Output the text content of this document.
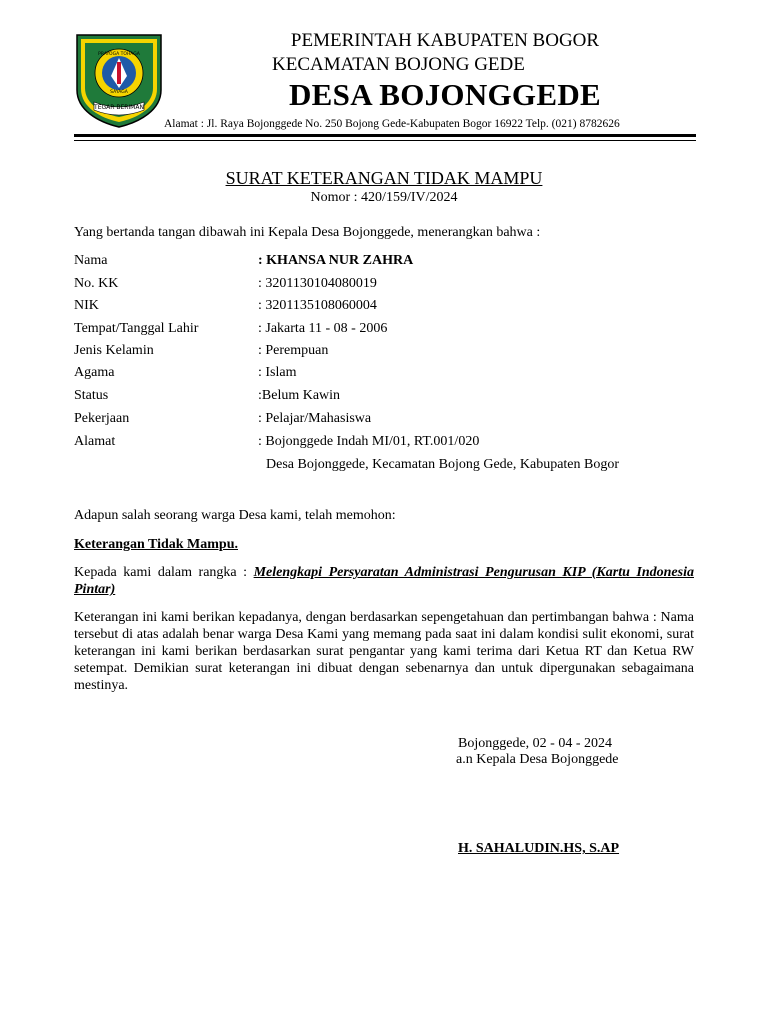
TEGAR BERIMAN
PRAYOGA TOHAGA
SAYAGA
PEMERINTAH KABUPATEN BOGOR
KECAMATAN BOJONG GEDE
DESA BOJONGGEDE
Alamat : Jl. Raya Bojonggede No. 250 Bojong Gede-Kabupaten Bogor 16922 Telp. (021) 8782626
SURAT KETERANGAN TIDAK MAMPU
Nomor : 420/159/IV/2024
Yang bertanda tangan dibawah ini Kepala Desa Bojonggede, menerangkan bahwa :
Nama	: KHANSA NUR ZAHRA
No. KK	: 3201130104080019
NIK	: 3201135108060004
Tempat/Tanggal Lahir	: Jakarta 11 - 08 - 2006
Jenis Kelamin	: Perempuan
Agama	: Islam
Status	:Belum Kawin
Pekerjaan	: Pelajar/Mahasiswa
Alamat	: Bojonggede Indah MI/01, RT.001/020
Desa Bojonggede, Kecamatan Bojong Gede, Kabupaten Bogor
Adapun salah seorang warga Desa kami, telah memohon:
Keterangan Tidak Mampu.
Kepada kami dalam rangka : Melengkapi Persyaratan Administrasi Pengurusan KIP (Kartu Indonesia Pintar)
Keterangan ini kami berikan kepadanya, dengan berdasarkan sepengetahuan dan pertimbangan bahwa : Nama tersebut di atas adalah benar warga Desa Kami yang memang pada saat ini dalam kondisi sulit ekonomi, surat keterangan ini kami berikan berdasarkan surat pengantar yang kami terima dari Ketua RT dan Ketua RW setempat. Demikian surat keterangan ini dibuat dengan sebenarnya dan untuk dipergunakan sebagaimana mestinya.
Bojonggede, 02 - 04 - 2024
a.n Kepala Desa Bojonggede
H. SAHALUDIN.HS, S.AP
